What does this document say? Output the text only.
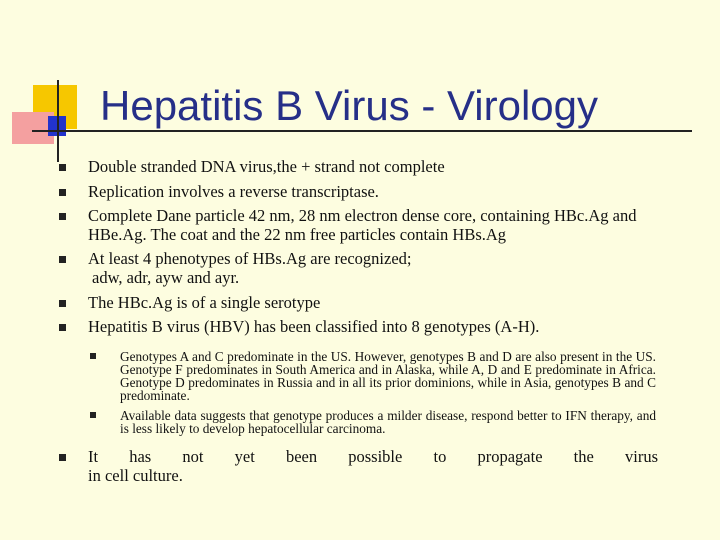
Hepatitis B Virus - Virology
Double stranded DNA virus,the + strand not complete
Replication involves a reverse transcriptase.
Complete Dane particle 42 nm, 28 nm electron dense core, containing HBc.Ag and HBe.Ag. The coat and the 22 nm free particles contain HBs.Ag
At least 4 phenotypes of HBs.Ag are recognized;
adw, adr, ayw and ayr.
The HBc.Ag is of a single serotype
Hepatitis B virus (HBV) has been classified into 8 genotypes (A-H).
Genotypes A and C predominate in the US. However, genotypes B and D are also present in the US. Genotype F predominates in South America and in Alaska, while A, D and E predominate in Africa. Genotype D predominates in Russia and in all its prior dominions, while in Asia, genotypes B and C predominate.
Available data suggests that genotype produces a milder disease, respond better to IFN therapy, and is less likely to develop hepatocellular carcinoma.
It has not yet been possible to propagate the virus
in cell culture.
